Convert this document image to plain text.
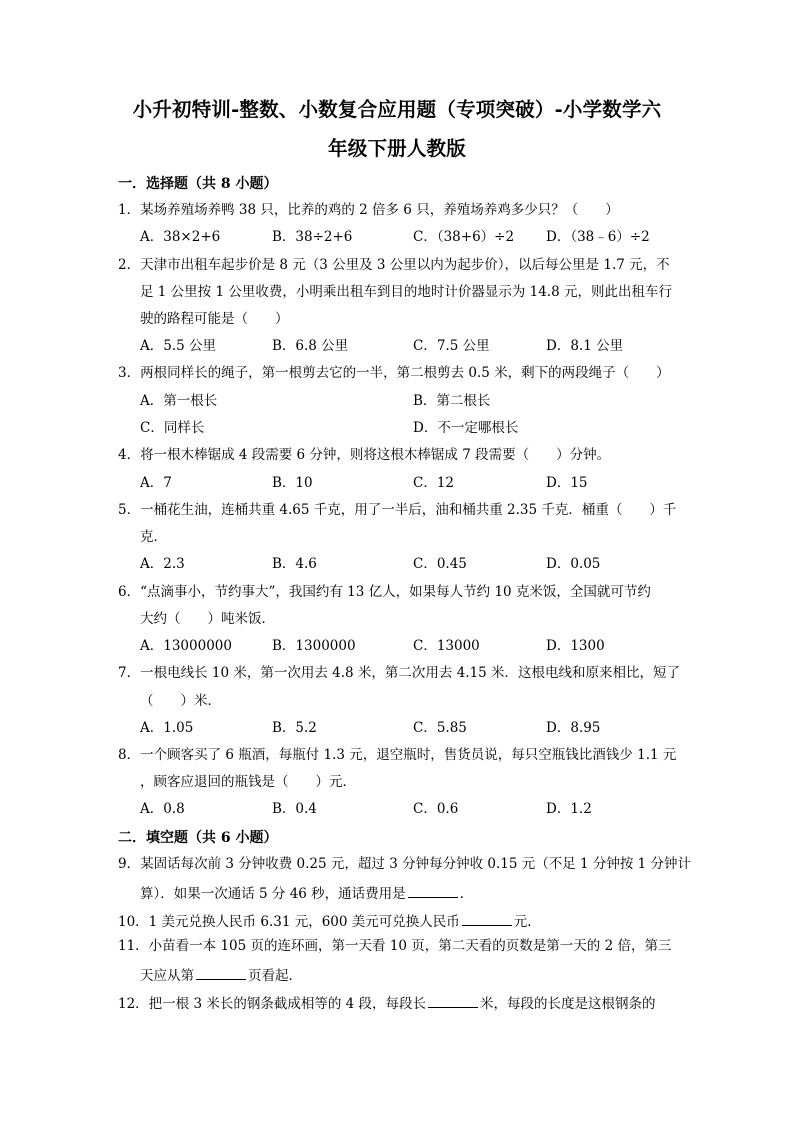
小升初特训-整数、小数复合应用题（专项突破）-小学数学六
年级下册人教版
一．选择题（共 8 小题）
1．某场养殖场养鸭 38 只，比养的鸡的 2 倍多 6 只，养殖场养鸡多少只？（　　）
A．38×2+6	B．38÷2+6	C．（38+6）÷2 D．（38﹣6）÷2
2．天津市出租车起步价是 8 元（3 公里及 3 公里以内为起步价），以后每公里是 1.7 元，不
足 1 公里按 1 公里收费，小明乘出租车到目的地时计价器显示为 14.8 元，则此出租车行
驶的路程可能是（　　）
A．5.5 公里	B．6.8 公里	C．7.5 公里	D．8.1 公里
3．两根同样长的绳子，第一根剪去它的一半，第二根剪去 0.5 米，剩下的两段绳子（　　）
A．第一根长	B．第二根长
C．同样长	D．不一定哪根长
4．将一根木棒锯成 4 段需要 6 分钟，则将这根木棒锯成 7 段需要（　　）分钟。
A．7	B．10	C．12	D．15
5．一桶花生油，连桶共重 4.65 千克，用了一半后，油和桶共重 2.35 千克．桶重（　　）千
克．
A．2.3	B．4.6	C．0.45	D．0.05
6．“点滴事小，节约事大”，我国约有 13 亿人，如果每人节约 10 克米饭，全国就可节约
大约（　　）吨米饭．
A．13000000	B．1300000	C．13000	D．1300
7．一根电线长 10 米，第一次用去 4.8 米，第二次用去 4.15 米．这根电线和原来相比，短了
（　　）米．
A．1.05	B．5.2	C．5.85	D．8.95
8．一个顾客买了 6 瓶酒，每瓶付 1.3 元，退空瓶时，售货员说，每只空瓶钱比酒钱少 1.1 元
，顾客应退回的瓶钱是（　　）元．
A．0.8	B．0.4	C．0.6	D．1.2
二．填空题（共 6 小题）
9．某固话每次前 3 分钟收费 0.25 元，超过 3 分钟每分钟收 0.15 元（不足 1 分钟按 1 分钟计
算）．如果一次通话 5 分 46 秒，通话费用是	．
10．1 美元兑换人民币 6.31 元，600 美元可兑换人民币	元．
11．小苗看一本 105 页的连环画，第一天看 10 页，第二天看的页数是第一天的 2 倍，第三
天应从第	页看起．
12．把一根 3 米长的钢条截成相等的 4 段，每段长	米，每段的长度是这根钢条的
